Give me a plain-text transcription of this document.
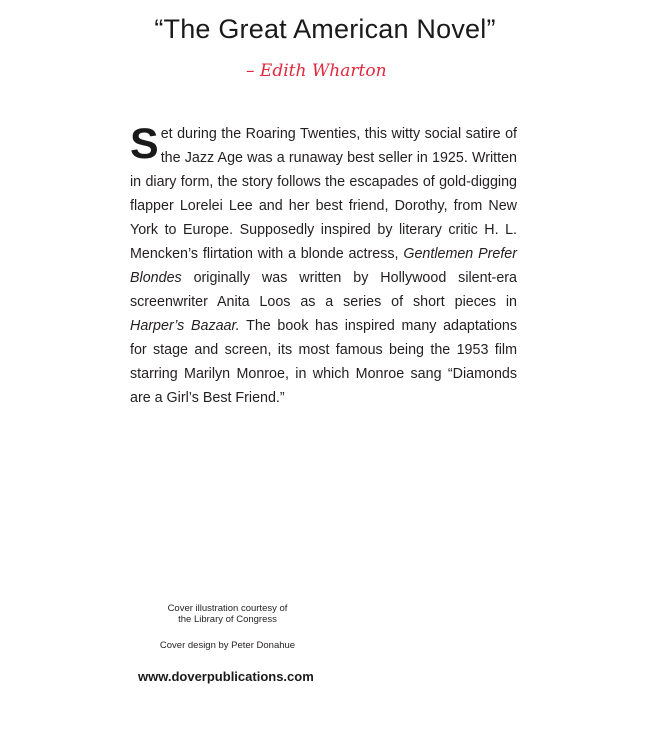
“The Great American Novel”
– Edith Wharton

Set during the Roaring Twenties, this witty social satire of the Jazz Age was a runaway best seller in 1925. Written in diary form, the story follows the escapades of gold-digging flapper Lorelei Lee and her best friend, Dorothy, from New York to Europe. Supposedly inspired by literary critic H. L. Mencken’s flirtation with a blonde actress, Gentlemen Prefer Blondes originally was written by Hollywood silent-era screenwriter Anita Loos as a series of short pieces in Harper’s Bazaar. The book has inspired many adaptations for stage and screen, its most famous being the 1953 film starring Marilyn Monroe, in which Monroe sang “Diamonds are a Girl’s Best Friend.”

Cover illustration courtesy of
the Library of Congress
Cover design by Peter Donahue
www.doverpublications.com
